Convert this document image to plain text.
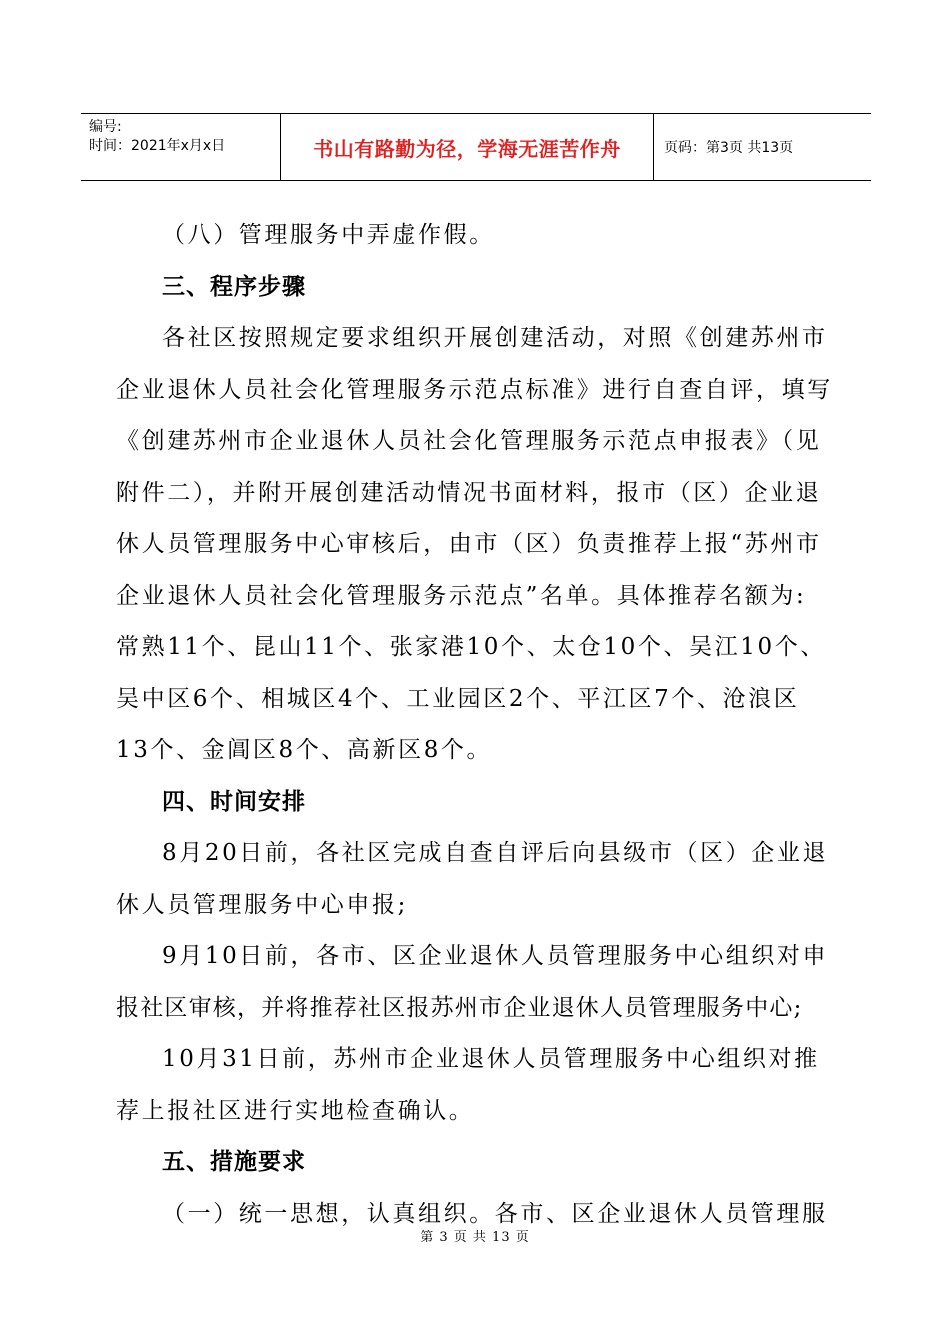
编号:
时间：2021年x月x日	书山有路勤为径，学海无涯苦作舟	页码：第3页 共13页
（八）管理服务中弄虚作假。
三、程序步骤
各社区按照规定要求组织开展创建活动，对照《创建苏州市
企业退休人员社会化管理服务示范点标准》进行自查自评，填写
《创建苏州市企业退休人员社会化管理服务示范点申报表》（见
附件二），并附开展创建活动情况书面材料，报市（区）企业退
休人员管理服务中心审核后，由市（区）负责推荐上报“苏州市
企业退休人员社会化管理服务示范点”名单。具体推荐名额为:
常熟11个、昆山11个、张家港10个、太仓10个、吴江10个、
吴中区6个、相城区4个、工业园区2个、平江区7个、沧浪区
13个、金阊区8个、高新区8个。
四、时间安排
8月20日前，各社区完成自查自评后向县级市（区）企业退
休人员管理服务中心申报;
9月10日前，各市、区企业退休人员管理服务中心组织对申
报社区审核，并将推荐社区报苏州市企业退休人员管理服务中心;
10月31日前，苏州市企业退休人员管理服务中心组织对推
荐上报社区进行实地检查确认。
五、措施要求
（一）统一思想，认真组织。各市、区企业退休人员管理服
第 3 页 共 13 页
